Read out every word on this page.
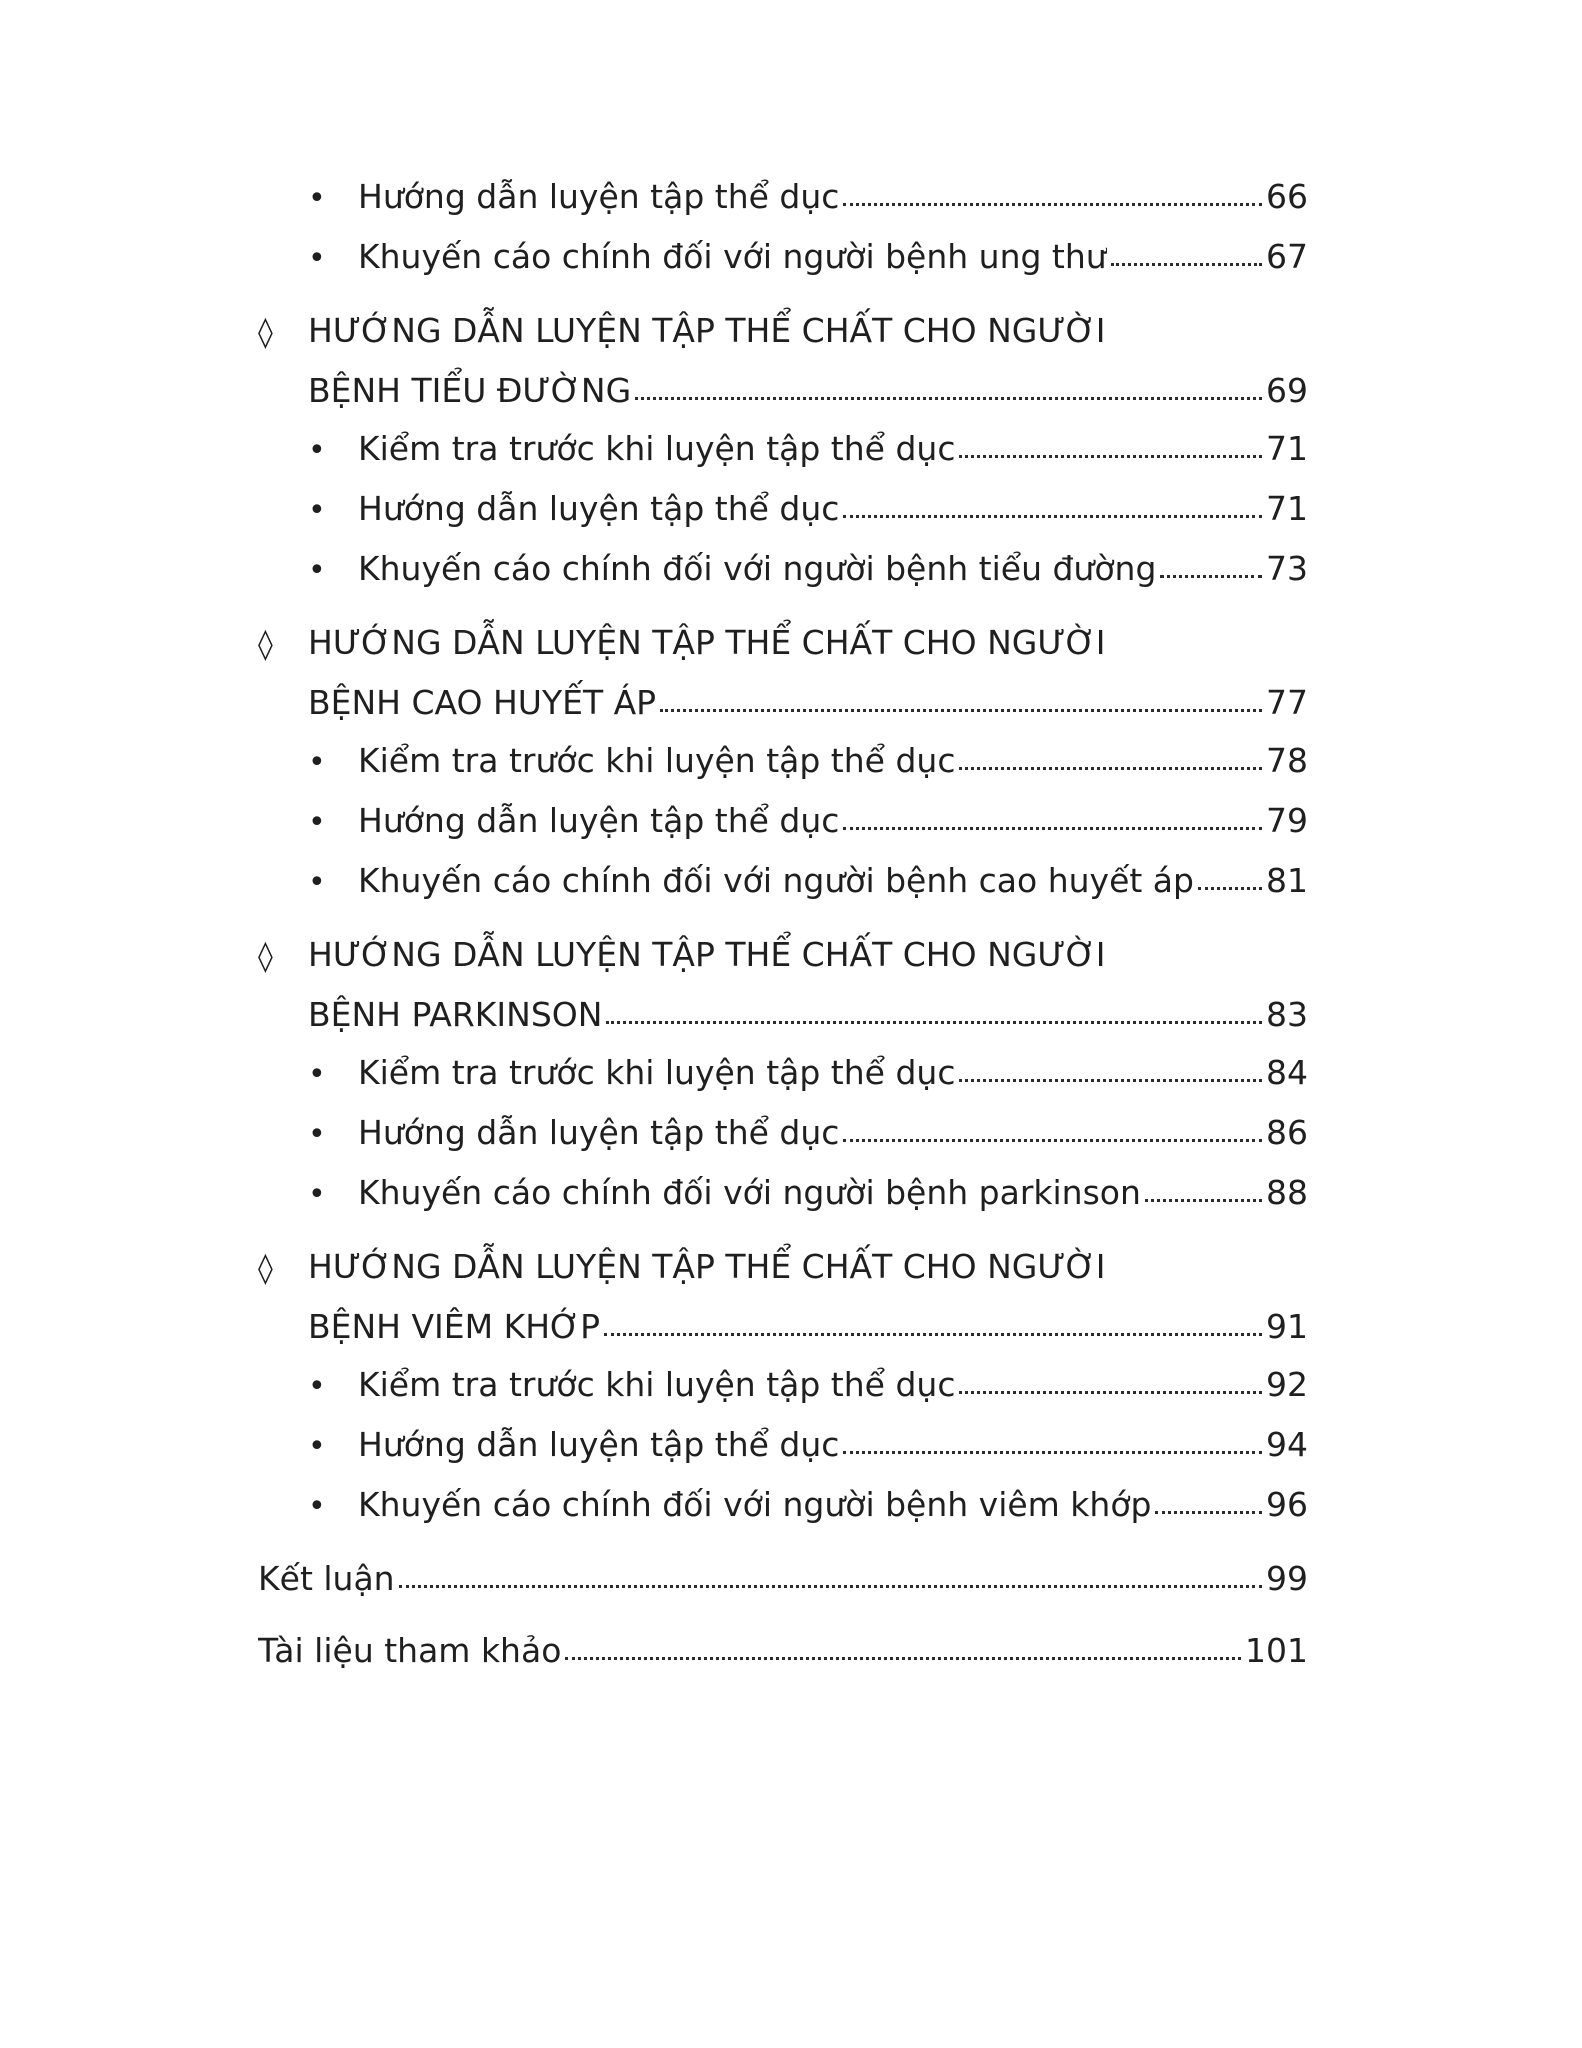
• Hướng dẫn luyện tập thể dục	66
• Khuyến cáo chính đối với người bệnh ung thư	67
◊	HƯỚNG DẪN LUYỆN TẬP THỂ CHẤT CHO NGƯỜI
BỆNH TIỂU ĐƯỜNG	69
• Kiểm tra trước khi luyện tập thể dục	71
• Hướng dẫn luyện tập thể dục	71
• Khuyến cáo chính đối với người bệnh tiểu đường	73
◊	HƯỚNG DẪN LUYỆN TẬP THỂ CHẤT CHO NGƯỜI
BỆNH CAO HUYẾT ÁP	77
• Kiểm tra trước khi luyện tập thể dục	78
• Hướng dẫn luyện tập thể dục	79
• Khuyến cáo chính đối với người bệnh cao huyết áp 81
◊	HƯỚNG DẪN LUYỆN TẬP THỂ CHẤT CHO NGƯỜI
BỆNH PARKINSON	83
• Kiểm tra trước khi luyện tập thể dục	84
• Hướng dẫn luyện tập thể dục	86
• Khuyến cáo chính đối với người bệnh parkinson	88
◊	HƯỚNG DẪN LUYỆN TẬP THỂ CHẤT CHO NGƯỜI
BỆNH VIÊM KHỚP	91
• Kiểm tra trước khi luyện tập thể dục	92
• Hướng dẫn luyện tập thể dục	94
• Khuyến cáo chính đối với người bệnh viêm khớp	96
Kết luận	99
Tài liệu tham khảo	101
